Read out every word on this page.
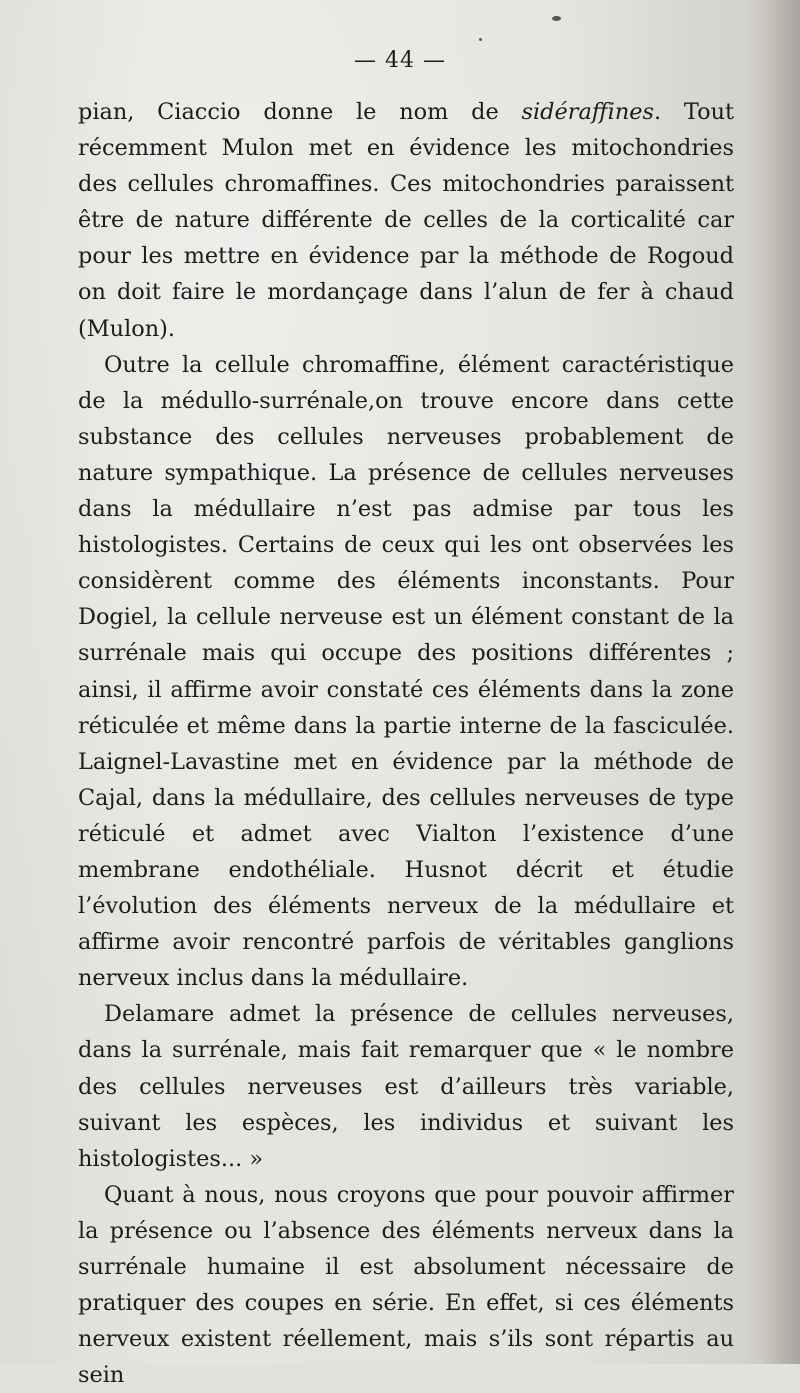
— 44 —

pian, Ciaccio donne le nom de sidéraffines. Tout récemment Mulon met en évidence les mitochondries des cellules chromaffines. Ces mitochondries paraissent être de nature différente de celles de la corticalité car pour les mettre en évidence par la méthode de Rogoud on doit faire le mordançage dans l’alun de fer à chaud (Mulon).

Outre la cellule chromaffine, élément caractéristique de la médullo-surrénale,on trouve encore dans cette substance des cellules nerveuses probablement de nature sympathique. La présence de cellules nerveuses dans la médullaire n’est pas admise par tous les histologistes. Certains de ceux qui les ont observées les considèrent comme des éléments inconstants. Pour Dogiel, la cellule nerveuse est un élément constant de la surrénale mais qui occupe des positions différentes ; ainsi, il affirme avoir constaté ces éléments dans la zone réticulée et même dans la partie interne de la fasciculée. Laignel-Lavastine met en évidence par la méthode de Cajal, dans la médullaire, des cellules nerveuses de type réticulé et admet avec Vialton l’existence d’une membrane endothéliale. Husnot décrit et étudie l’évolution des éléments nerveux de la médullaire et affirme avoir rencontré parfois de véritables ganglions nerveux inclus dans la médullaire.

Delamare admet la présence de cellules nerveuses, dans la surrénale, mais fait remarquer que « le nombre des cellules nerveuses est d’ailleurs très variable, suivant les espèces, les individus et suivant les histologistes... »

Quant à nous, nous croyons que pour pouvoir affirmer la présence ou l’absence des éléments nerveux dans la surrénale humaine il est absolument nécessaire de pratiquer des coupes en série. En effet, si ces éléments nerveux existent réellement, mais s’ils sont répartis au sein
